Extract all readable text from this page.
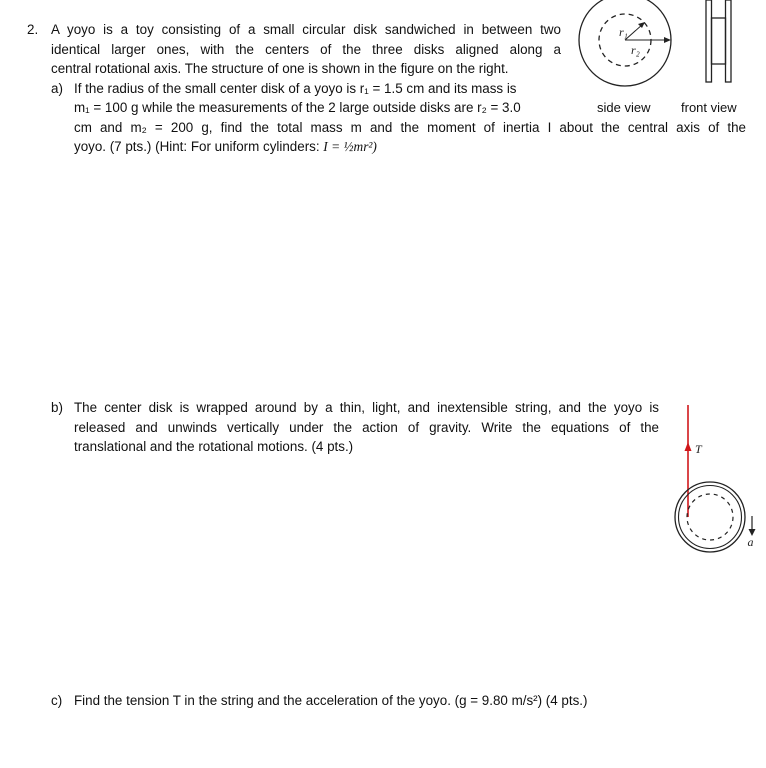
2. A yoyo is a toy consisting of a small circular disk sandwiched in between two
identical larger ones, with the centers of the three disks aligned along a
central rotational axis. The structure of one is shown in the figure on the right.
a) If the radius of the small center disk of a yoyo is r₁ = 1.5 cm and its mass is
m₁ = 100 g while the measurements of the 2 large outside disks are r₂ = 3.0
cm and m₂ = 200 g, find the total mass m and the moment of inertia I about the central axis of the
yoyo. (7 pts.) (Hint: For uniform cylinders: I = ½mr²)
r₁
r₂
side view front view
b) The center disk is wrapped around by a thin, light, and inextensible string, and the yoyo is
released and unwinds vertically under the action of gravity. Write the equations of the
translational and the rotational motions. (4 pts.)	T
a
c) Find the tension T in the string and the acceleration of the yoyo. (g = 9.80 m/s²) (4 pts.)
